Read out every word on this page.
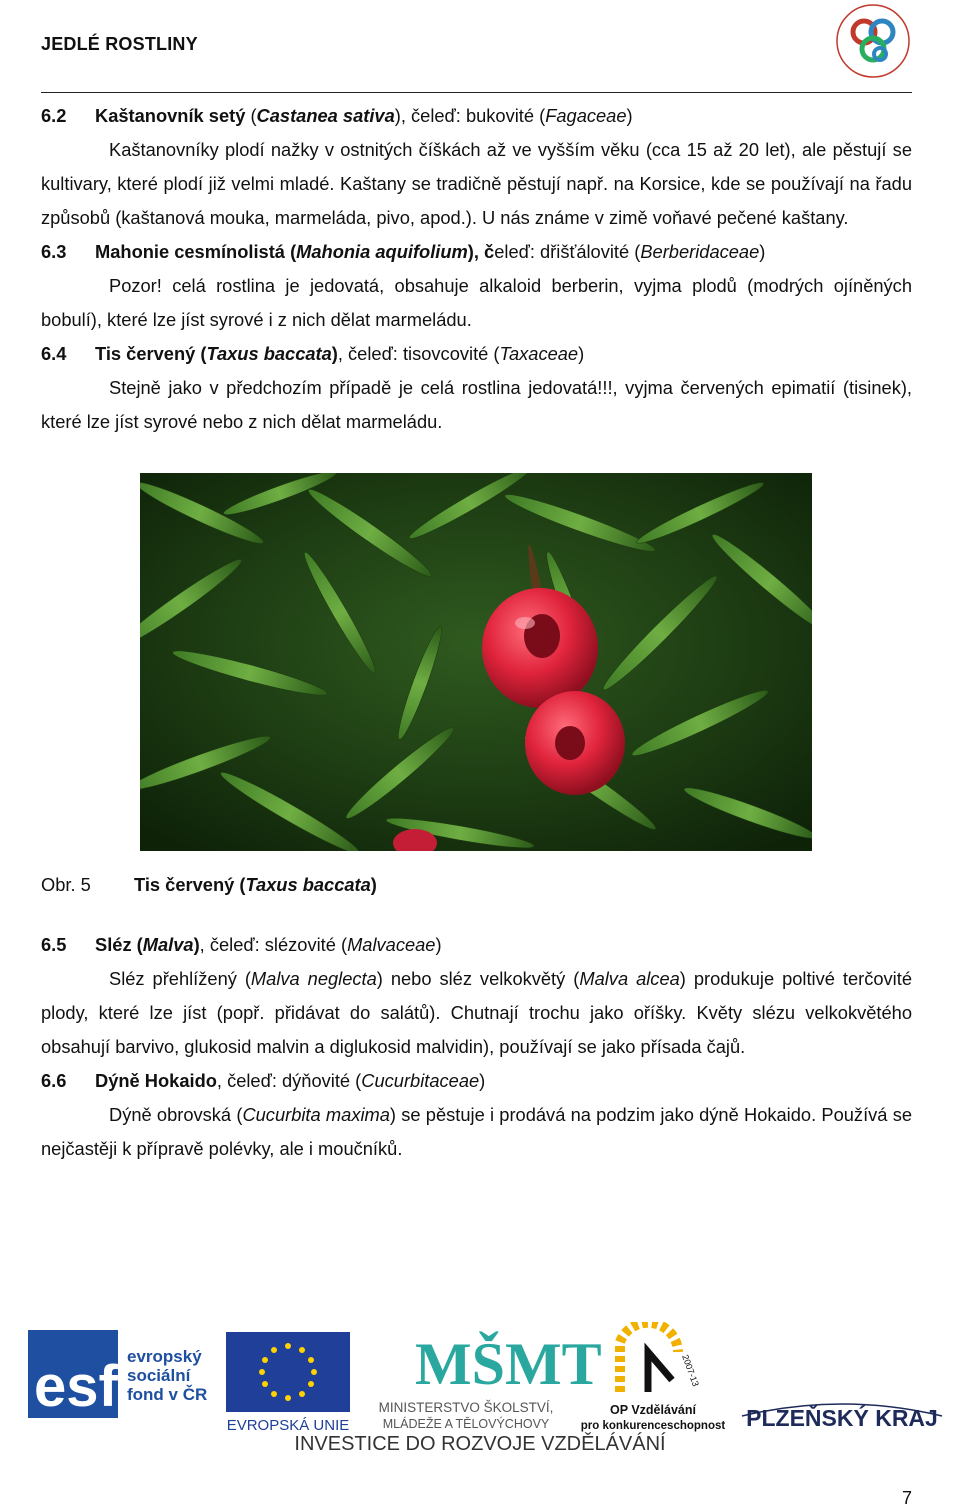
JEDLÉ ROSTLINY

6.2	Kaštanovník setý (Castanea sativa), čeleď: bukovité (Fagaceae)

Kaštanovníky plodí nažky v ostnitých číškách až ve vyšším věku (cca 15 až 20 let), ale pěstují se kultivary, které plodí již velmi mladé. Kaštany se tradičně pěstují např. na Korsice, kde se používají na řadu způsobů (kaštanová mouka, marmeláda, pivo, apod.). U nás známe v zimě voňavé pečené kaštany.

6.3	Mahonie cesmínolistá (Mahonia aquifolium), čeleď: dřišťálovité (Berberidaceae)

Pozor! celá rostlina je jedovatá, obsahuje alkaloid berberin, vyjma plodů (modrých ojíněných bobulí), které lze jíst syrové i z nich dělat marmeládu.

6.4	Tis červený (Taxus baccata), čeleď: tisovcovité (Taxaceae)

Stejně jako v předchozím případě je celá rostlina jedovatá!!!, vyjma červených epimatií (tisinek), které lze jíst syrové nebo z nich dělat marmeládu.

Obr. 5	Tis červený (Taxus baccata)

6.5	Sléz (Malva), čeleď: slézovité (Malvaceae)

Sléz přehlížený (Malva neglecta) nebo sléz velkokvětý (Malva alcea) produkuje poltivé terčovité plody, které lze jíst (popř. přidávat do salátů). Chutnají trochu jako oříšky. Květy slézu velkokvětého obsahují barvivo, glukosid malvin a diglukosid malvidin), používají se jako přísada čajů.

6.6	Dýně Hokaido, čeleď: dýňovité (Cucurbitaceae)

Dýně obrovská (Cucurbita maxima) se pěstuje i prodává na podzim jako dýně Hokaido. Používá se nejčastěji k přípravě polévky, ale i moučníků.

esf evropský
sociální
fond v ČR
EVROPSKÁ UNIE
MŠMT
MINISTERSTVO ŠKOLSTVÍ,
MLÁDEŽE A TĚLOVÝCHOVY
2007-13
OP Vzdělávání
pro konkurenceschopnost PLZEŇSKÝ KRAJ
INVESTICE DO ROZVOJE VZDĚLÁVÁNÍ
7
